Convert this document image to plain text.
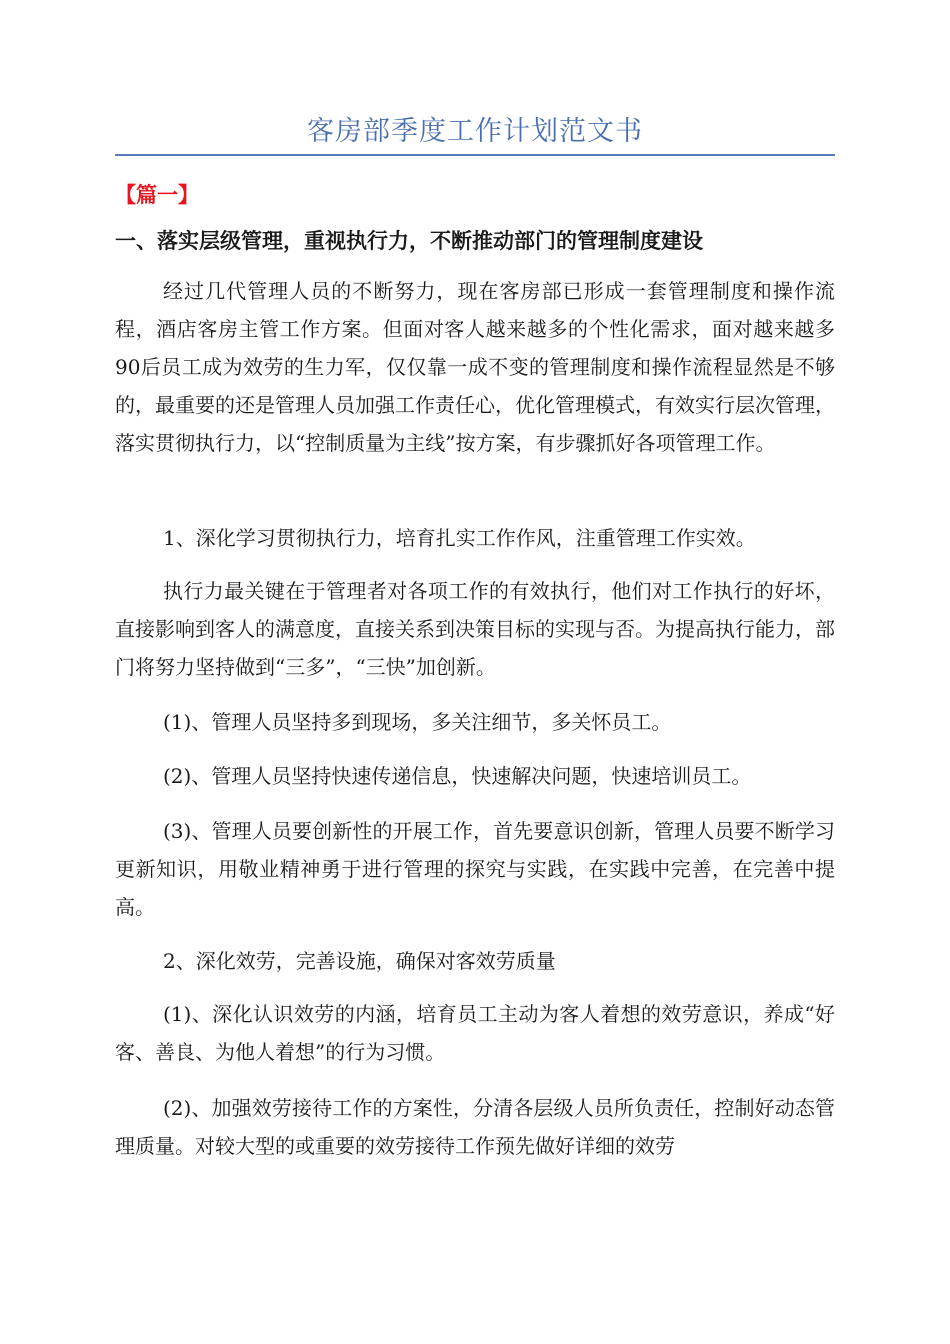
客房部季度工作计划范文书
【篇一】
一、落实层级管理，重视执行力，不断推动部门的管理制度建设

经过几代管理人员的不断努力，现在客房部已形成一套管理制度和操作流程，酒店客房主管工作方案。但面对客人越来越多的个性化需求，面对越来越多90后员工成为效劳的生力军，仅仅靠一成不变的管理制度和操作流程显然是不够的，最重要的还是管理人员加强工作责任心，优化管理模式，有效实行层次管理，落实贯彻执行力，以“控制质量为主线”按方案，有步骤抓好各项管理工作。

1、深化学习贯彻执行力，培育扎实工作作风，注重管理工作实效。

执行力最关键在于管理者对各项工作的有效执行，他们对工作执行的好坏，直接影响到客人的满意度，直接关系到决策目标的实现与否。为提高执行能力，部门将努力坚持做到“三多”，“三快”加创新。

(1)、管理人员坚持多到现场，多关注细节，多关怀员工。

(2)、管理人员坚持快速传递信息，快速解决问题，快速培训员工。

(3)、管理人员要创新性的开展工作，首先要意识创新，管理人员要不断学习更新知识，用敬业精神勇于进行管理的探究与实践，在实践中完善，在完善中提高。

2、深化效劳，完善设施，确保对客效劳质量

(1)、深化认识效劳的内涵，培育员工主动为客人着想的效劳意识，养成“好客、善良、为他人着想”的行为习惯。

(2)、加强效劳接待工作的方案性，分清各层级人员所负责任，控制好动态管理质量。对较大型的或重要的效劳接待工作预先做好详细的效劳
